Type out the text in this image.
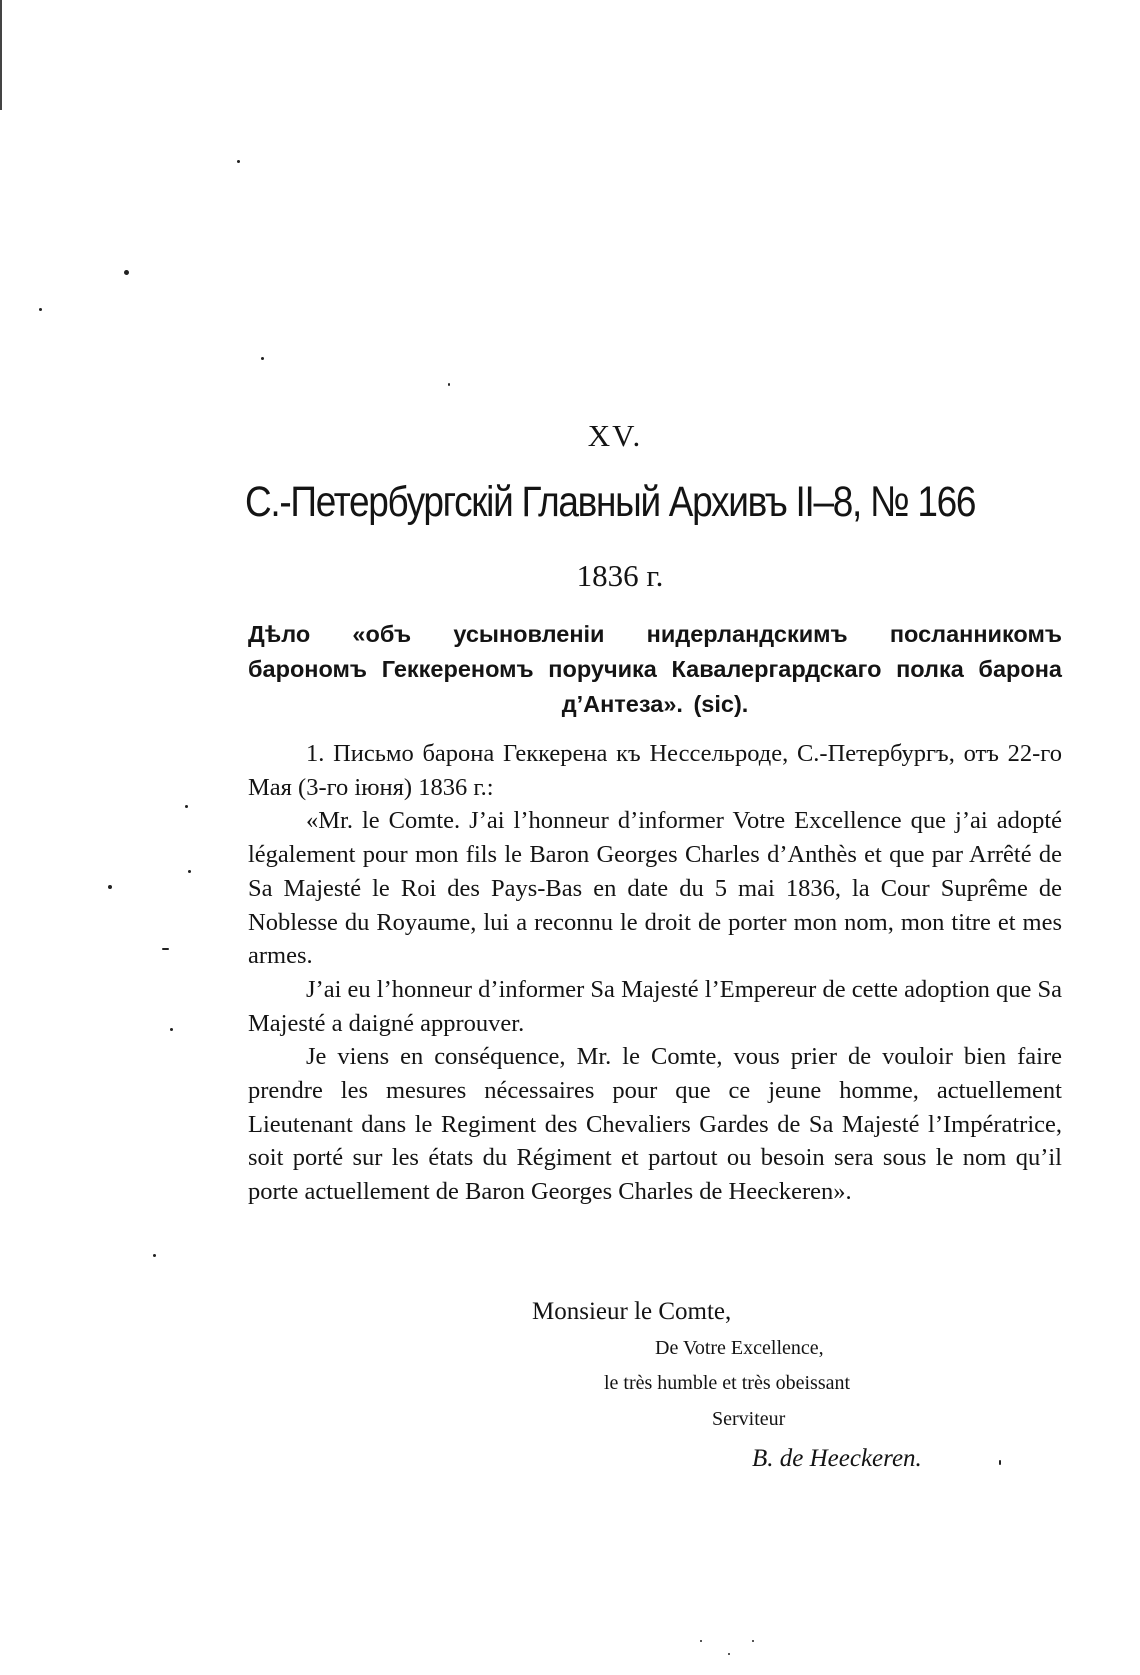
XV.
С.-Петербургскій Главный Архивъ II–8, № 166
1836 г.
Дѣло «объ усыновленіи нидерландскимъ посланникомъ барономъ Геккереномъ поручика Кавалергардскаго полка барона д’Антеза». (sic).

1. Письмо барона Геккерена къ Нессельроде, С.-Петербургъ, отъ 22-го Мая (3-го іюня) 1836 г.:

«Mr. le Comte. J’ai l’honneur d’informer Votre Excellence que j’ai adopté légalement pour mon fils le Baron Georges Charles d’Anthès et que par Arrêté de Sa Majesté le Roi des Pays-Bas en date du 5 mai 1836, la Cour Suprême de Noblesse du Royaume, lui a reconnu le droit de porter mon nom, mon titre et mes armes.

J’ai eu l’honneur d’informer Sa Majesté l’Empereur de cette adoption que Sa Majesté a daigné approuver.

Je viens en conséquence, Mr. le Comte, vous prier de vouloir bien faire prendre les mesures nécessaires pour que ce jeune homme, actuellement Lieutenant dans le Regiment des Chevaliers Gardes de Sa Majesté l’Impératrice, soit porté sur les états du Régiment et partout ou besoin sera sous le nom qu’il porte actuellement de Baron Georges Charles de Heeckeren».

Monsieur le Comte,
De Votre Excellence,
le très humble et très obeissant
Serviteur
B. de Heeckeren.
